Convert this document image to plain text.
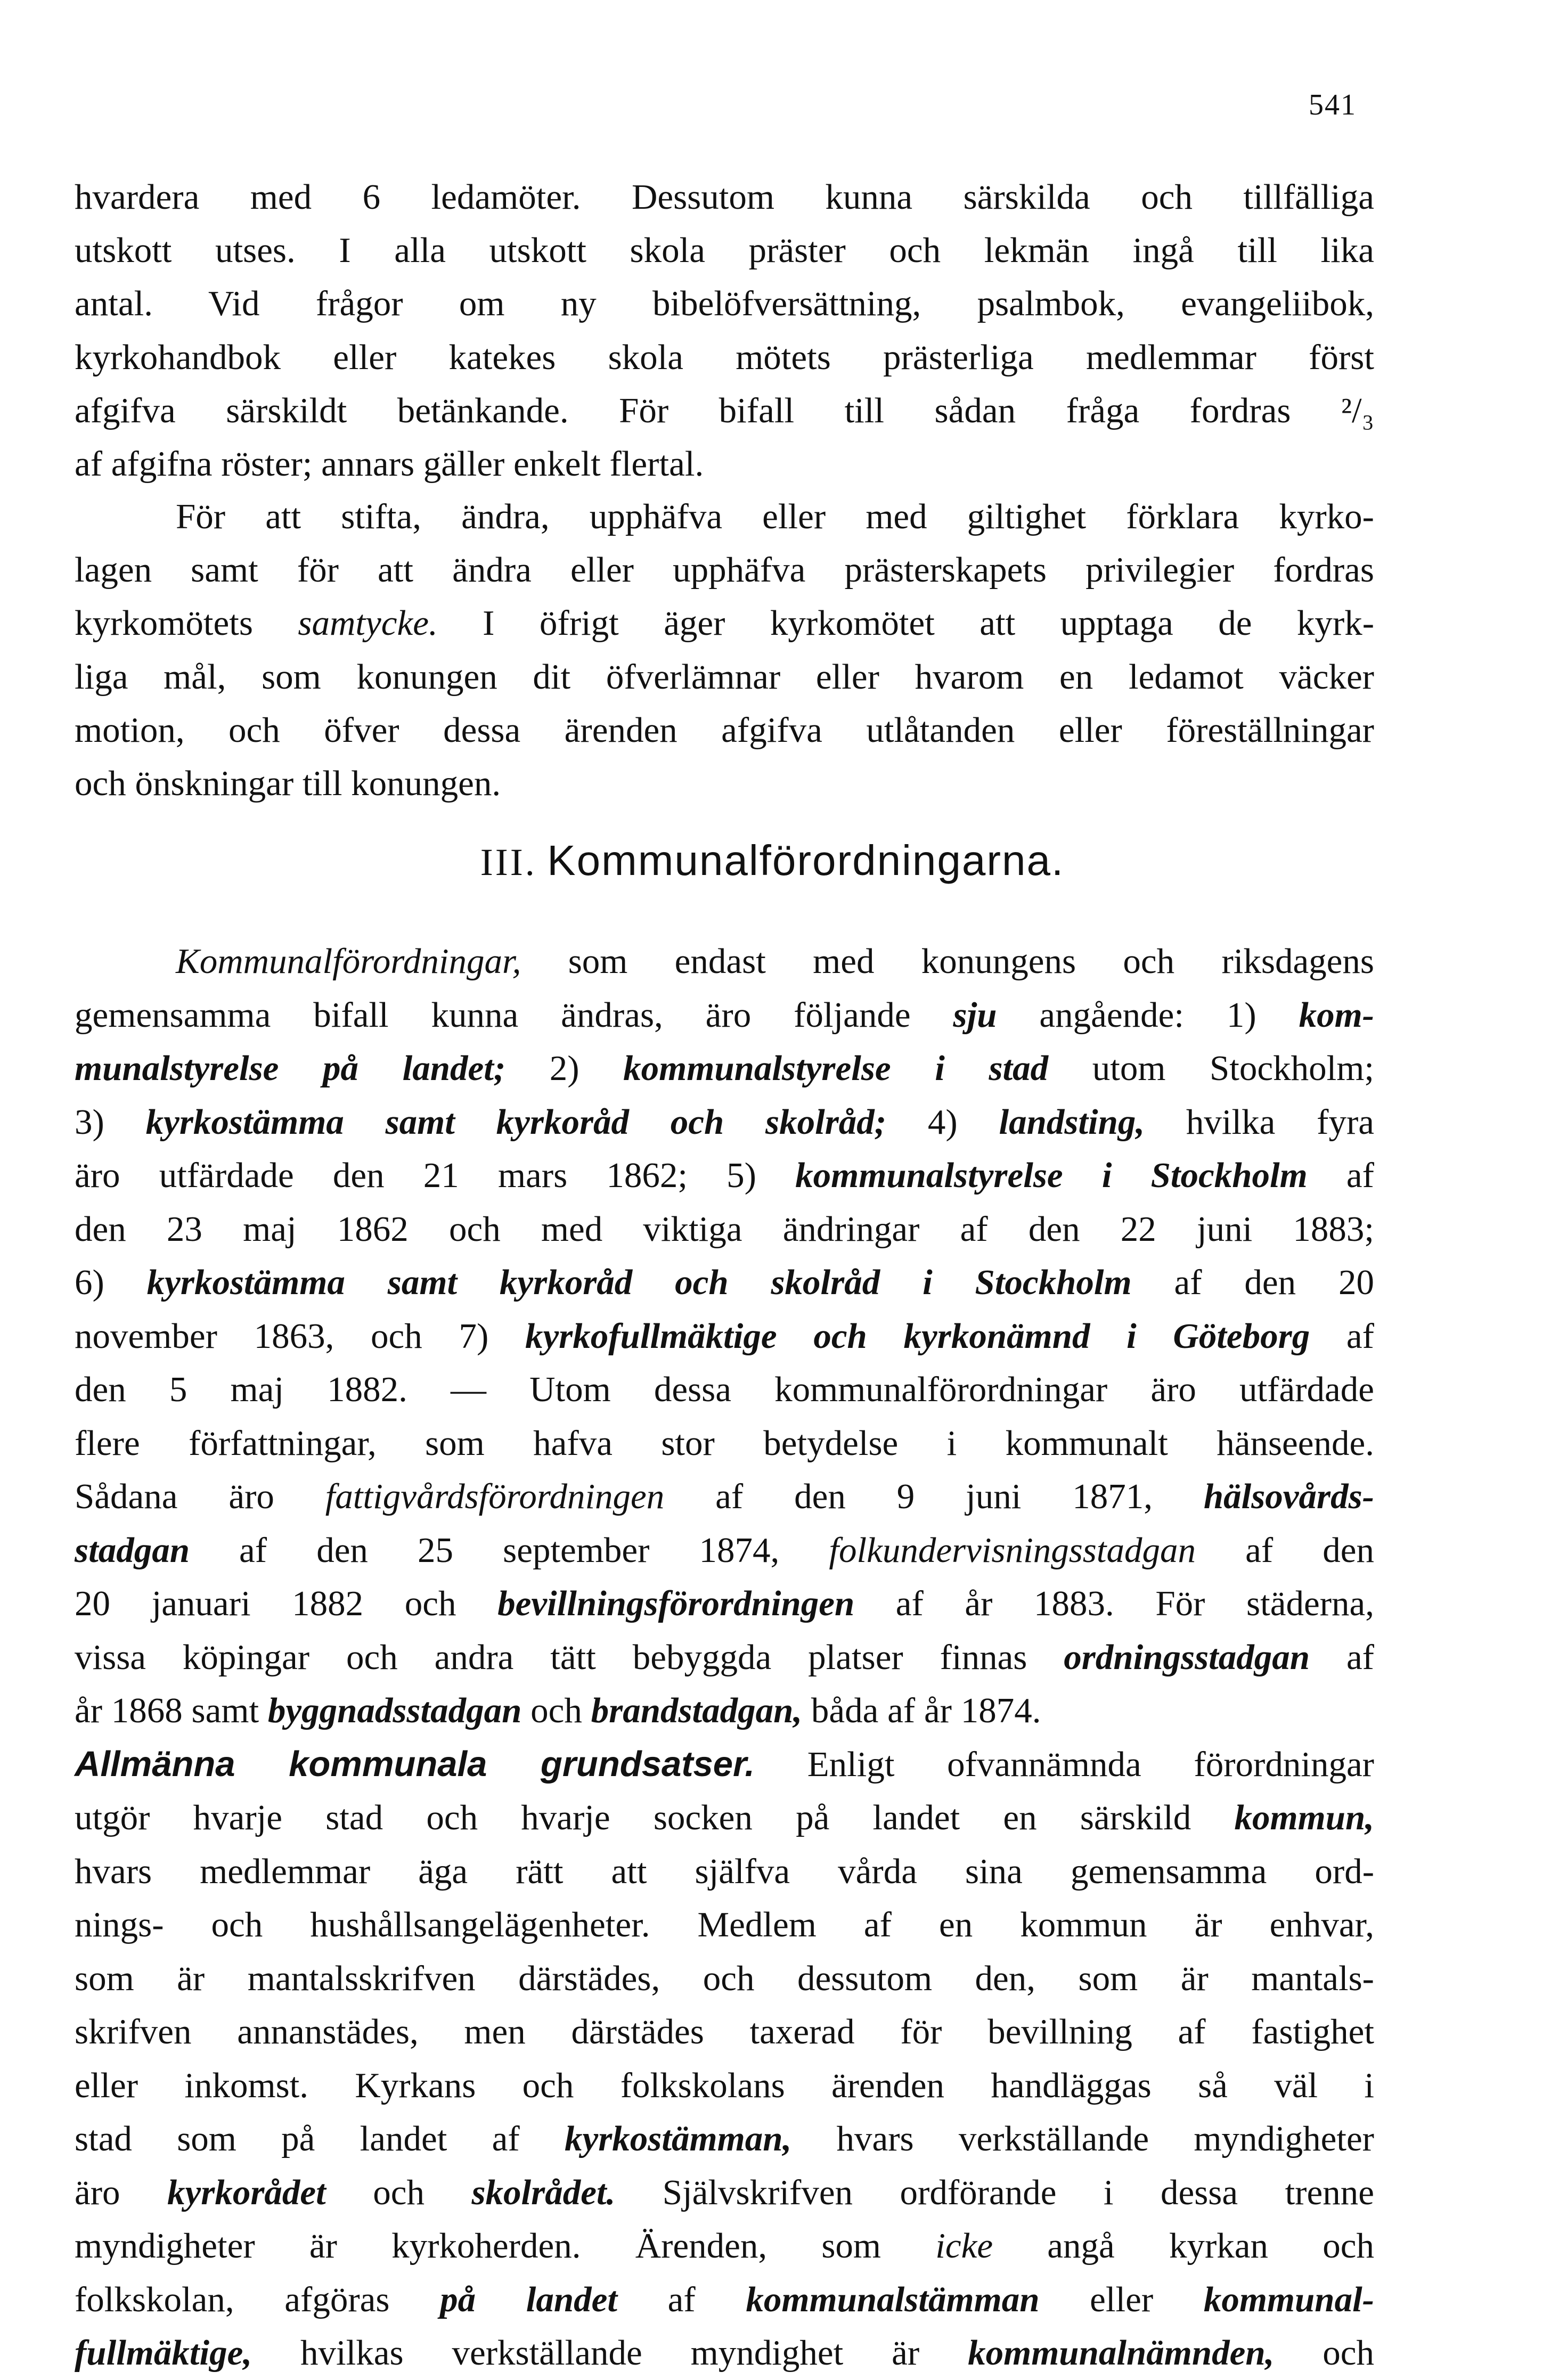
541
hvardera med 6 ledamöter. Dessutom kunna särskilda och tillfälliga
utskott utses. I alla utskott skola präster och lekmän ingå till lika
antal. Vid frågor om ny bibelöfversättning, psalmbok, evangeliibok,
kyrkohandbok eller katekes skola mötets prästerliga medlemmar först
afgifva särskildt betänkande. För bifall till sådan fråga fordras ²/₃
af afgifna röster; annars gäller enkelt flertal.
För att stifta, ändra, upphäfva eller med giltighet förklara kyrko-
lagen samt för att ändra eller upphäfva prästerskapets privilegier fordras
kyrkomötets samtycke. I öfrigt äger kyrkomötet att upptaga de kyrk-
liga mål, som konungen dit öfverlämnar eller hvarom en ledamot väcker
motion, och öfver dessa ärenden afgifva utlåtanden eller föreställningar
och önskningar till konungen.
III. Kommunalförordningarna.
Kommunalförordningar, som endast med konungens och riksdagens
gemensamma bifall kunna ändras, äro följande sju angående: 1) kom-
munalstyrelse på landet; 2) kommunalstyrelse i stad utom Stockholm;
3) kyrkostämma samt kyrkoråd och skolråd; 4) landsting, hvilka fyra
äro utfärdade den 21 mars 1862; 5) kommunalstyrelse i Stockholm af
den 23 maj 1862 och med viktiga ändringar af den 22 juni 1883;
6) kyrkostämma samt kyrkoråd och skolråd i Stockholm af den 20
november 1863, och 7) kyrkofullmäktige och kyrkonämnd i Göteborg af
den 5 maj 1882. — Utom dessa kommunalförordningar äro utfärdade
flere författningar, som hafva stor betydelse i kommunalt hänseende.
Sådana äro fattigvårdsförordningen af den 9 juni 1871, hälsovårds-
stadgan af den 25 september 1874, folkundervisningsstadgan af den
20 januari 1882 och bevillningsförordningen af år 1883. För städerna,
vissa köpingar och andra tätt bebyggda platser finnas ordningsstadgan af
år 1868 samt byggnadsstadgan och brandstadgan, båda af år 1874.
Allmänna kommunala grundsatser. Enligt ofvannämnda förordningar
utgör hvarje stad och hvarje socken på landet en särskild kommun,
hvars medlemmar äga rätt att själfva vårda sina gemensamma ord-
nings- och hushållsangelägenheter. Medlem af en kommun är enhvar,
som är mantalsskrifven därstädes, och dessutom den, som är mantals-
skrifven annanstädes, men därstädes taxerad för bevillning af fastighet
eller inkomst. Kyrkans och folkskolans ärenden handläggas så väl i
stad som på landet af kyrkostämman, hvars verkställande myndigheter
äro kyrkorådet och skolrådet. Självskrifven ordförande i dessa trenne
myndigheter är kyrkoherden. Ärenden, som icke angå kyrkan och
folkskolan, afgöras på landet af kommunalstämman eller kommunal-
fullmäktige, hvilkas verkställande myndighet är kommunalnämnden, och
